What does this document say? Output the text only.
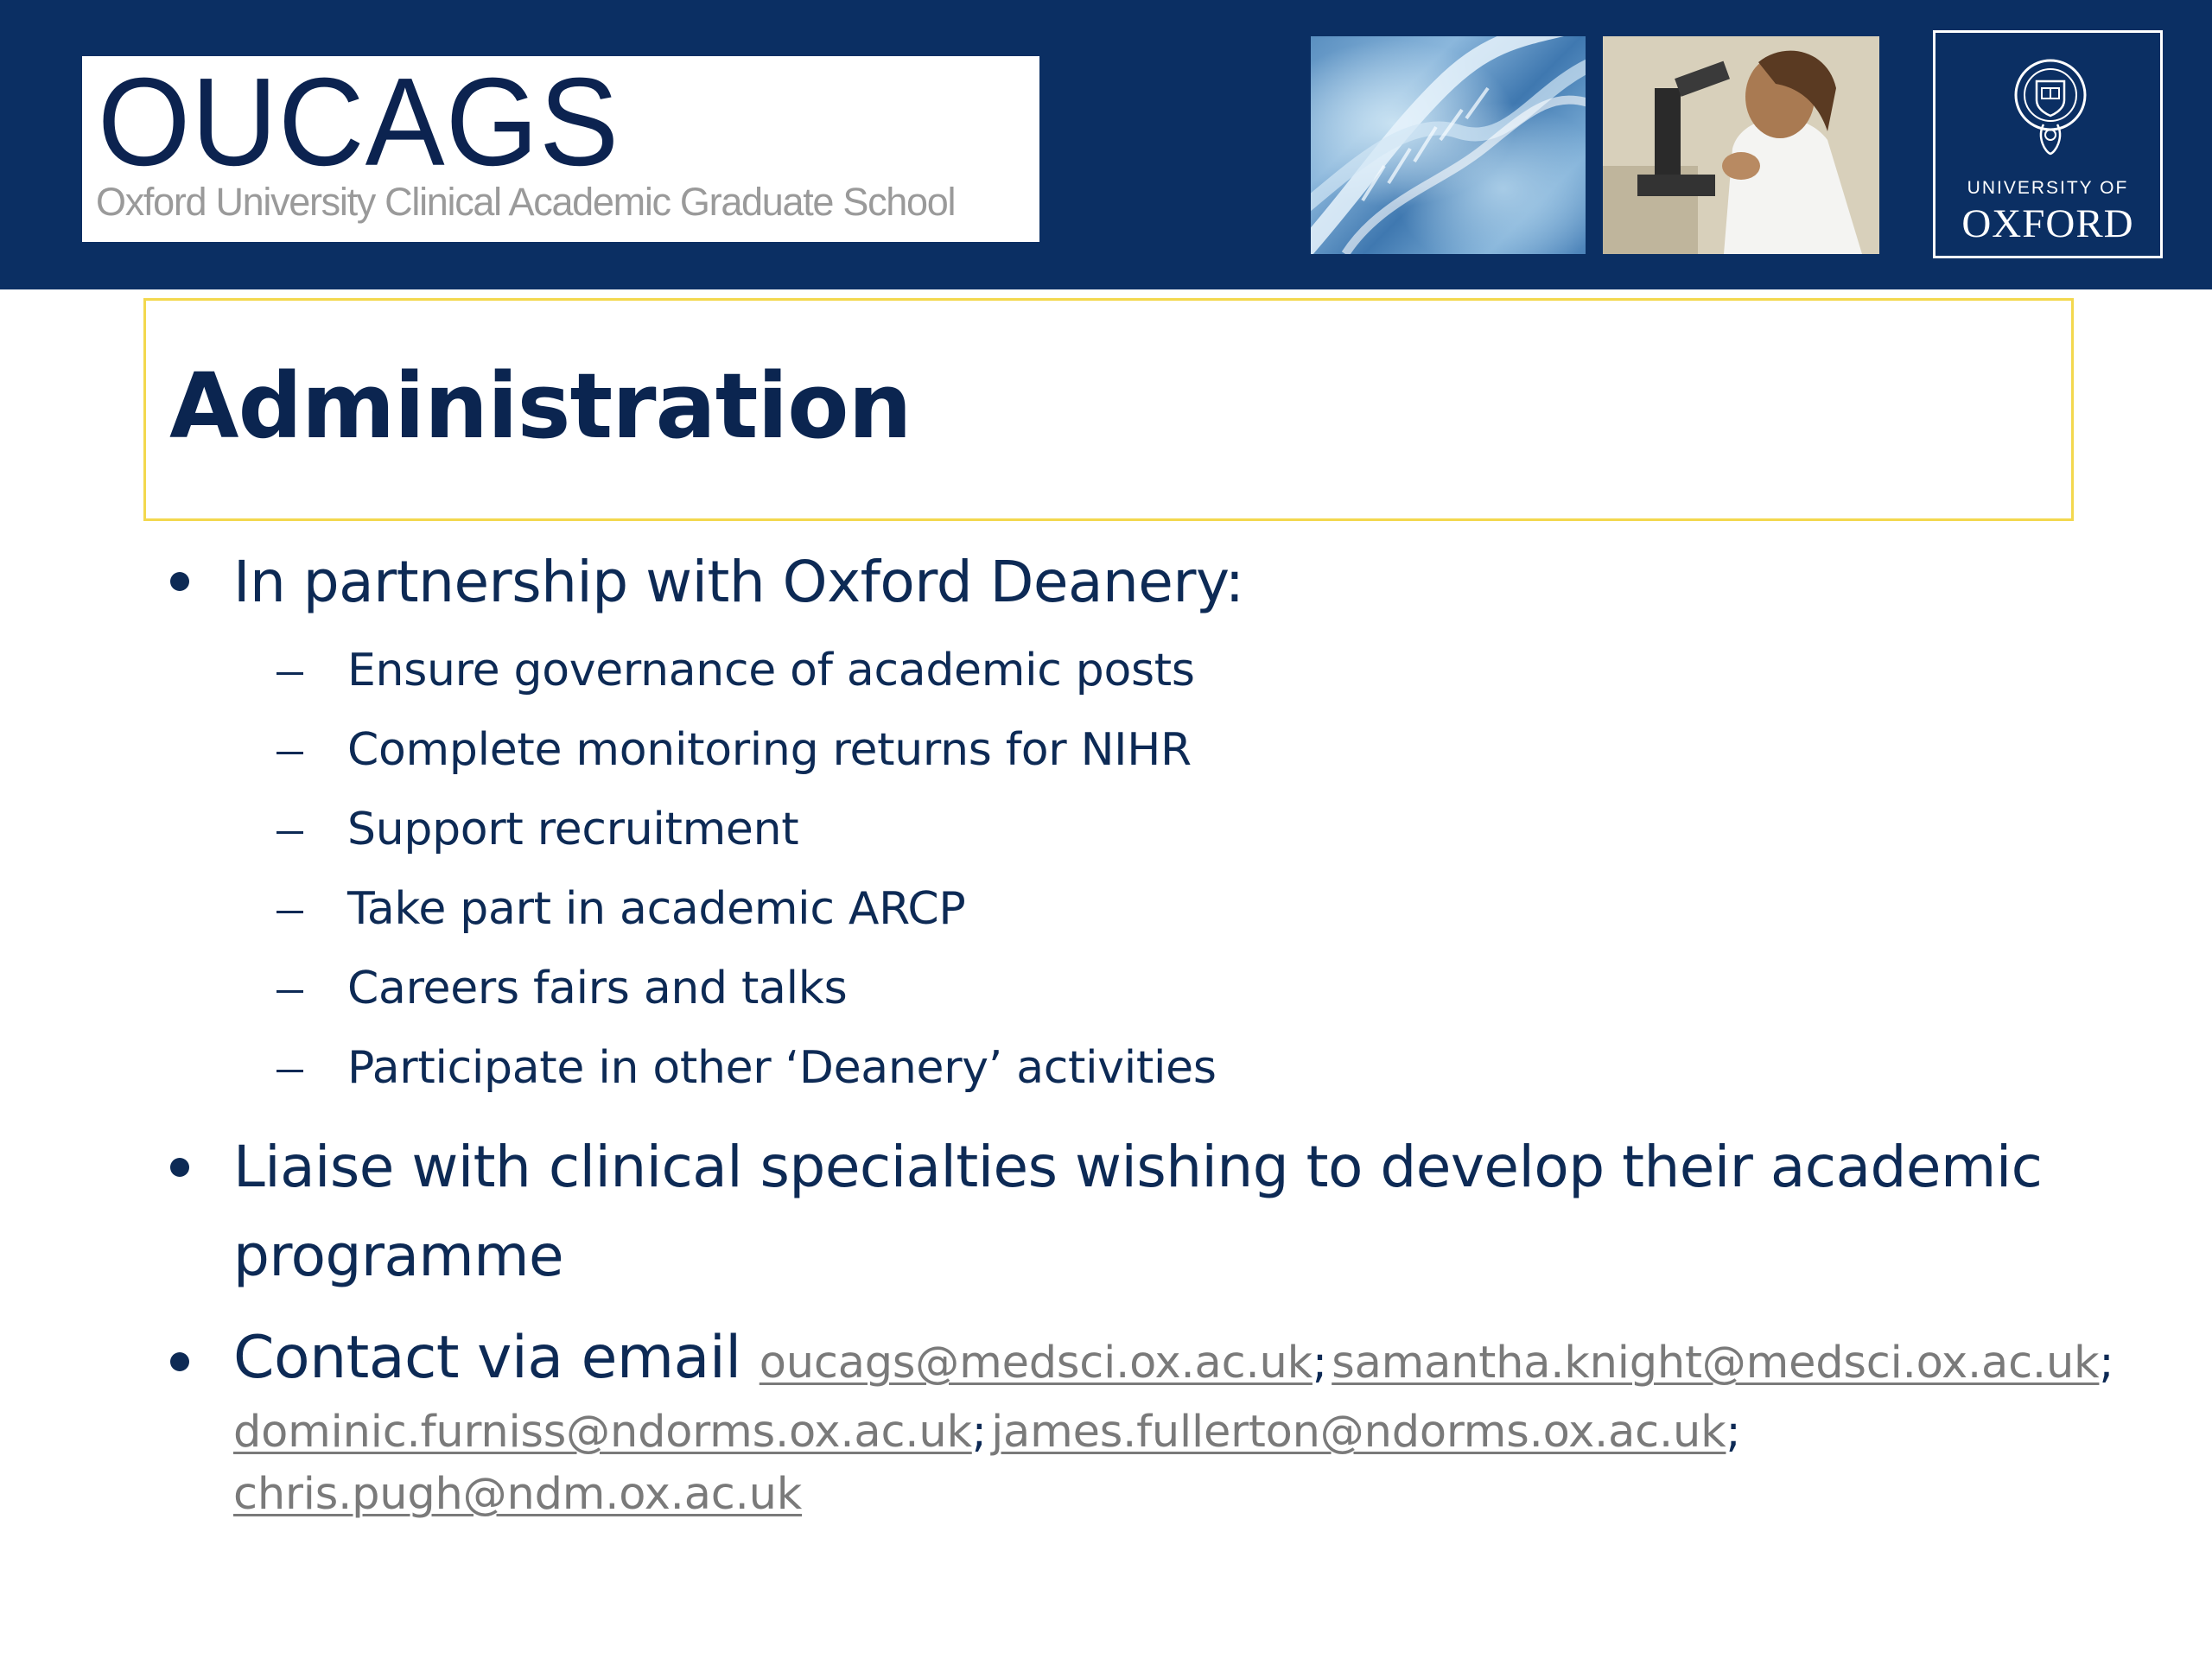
OUCAGS
Oxford University Clinical Academic Graduate School	UNIVERSITY OF
OXFORD
Administration
In partnership with Oxford Deanery:
Ensure governance of academic posts
Complete monitoring returns for NIHR
Support recruitment
Take part in academic ARCP
Careers fairs and talks
Participate in other ‘Deanery’ activities
Liaise with clinical specialties wishing to develop their academic
programme
Contact via email oucags@medsci.ox.ac.uk; samantha.knight@medsci.ox.ac.uk;
dominic.furniss@ndorms.ox.ac.uk; james.fullerton@ndorms.ox.ac.uk;
chris.pugh@ndm.ox.ac.uk
